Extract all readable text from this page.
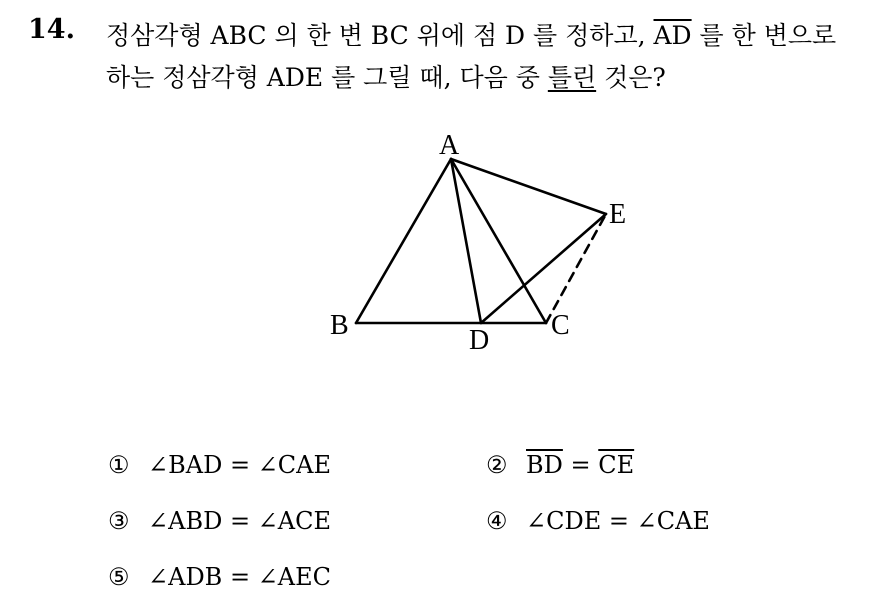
14. 정삼각형 ABC 의 한 변 BC 위에 점 D 를 정하고, $\overline{AD}$ 를 한 변으로
하는 정삼각형 ADE 를 그릴 때, 다음 중 틀린 것은?
A
B	C
D
E
① ∠BAD = ∠CAE	② $\overline{BD} = \overline{CE}$
③ ∠ABD = ∠ACE	④ ∠CDE = ∠CAE
⑤ ∠ADB = ∠AEC
